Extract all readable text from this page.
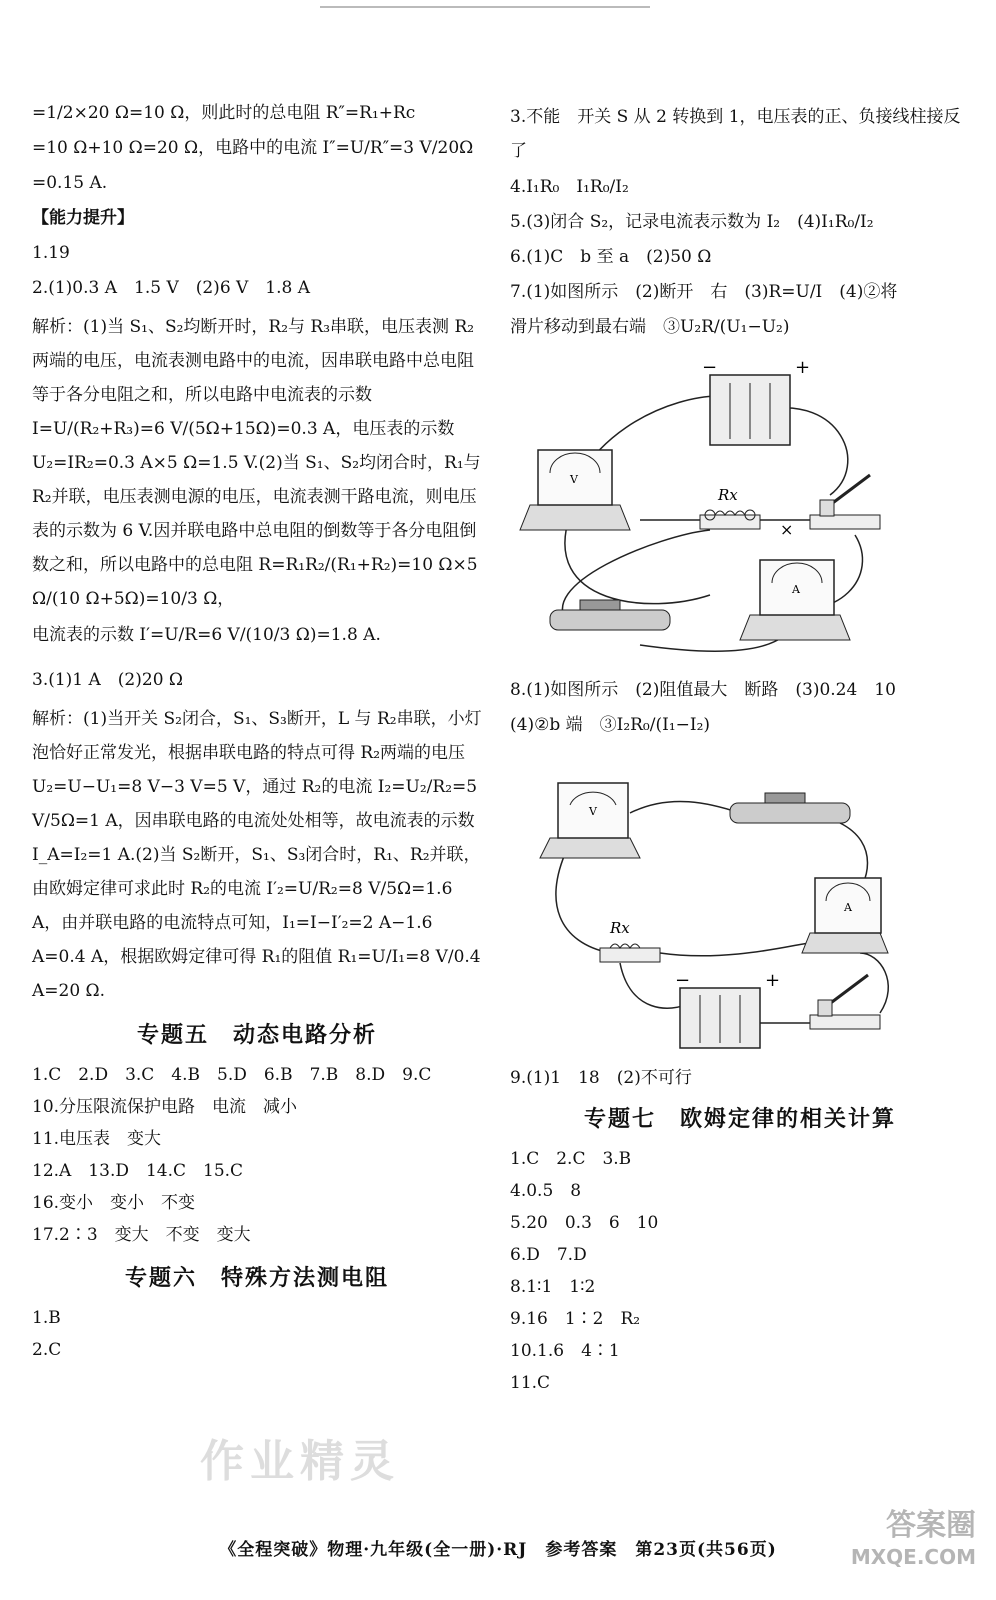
=1/2×20 Ω=10 Ω，则此时的总电阻 R″=R₁+Rc
=10 Ω+10 Ω=20 Ω，电路中的电流 I″=U/R″=3 V/20Ω
=0.15 A.
【能力提升】
1.19
2.(1)0.3 A　1.5 V　(2)6 V　1.8 A
解析：(1)当 S₁、S₂均断开时，R₂与 R₃串联，电压表测 R₂两端的电压，电流表测电路中的电流，因串联电路中总电阻等于各分电阻之和，所以电路中电流表的示数 I=U/(R₂+R₃)=6 V/(5Ω+15Ω)=0.3 A，电压表的示数 U₂=IR₂=0.3 A×5 Ω=1.5 V.(2)当 S₁、S₂均闭合时，R₁与 R₂并联，电压表测电源的电压，电流表测干路电流，则电压表的示数为 6 V.因并联电路中总电阻的倒数等于各分电阻倒数之和，所以电路中的总电阻 R=R₁R₂/(R₁+R₂)=10 Ω×5 Ω/(10 Ω+5Ω)=10/3 Ω，
电流表的示数 I′=U/R=6 V/(10/3 Ω)=1.8 A.
3.(1)1 A　(2)20 Ω
解析：(1)当开关 S₂闭合，S₁、S₃断开，L 与 R₂串联，小灯泡恰好正常发光，根据串联电路的特点可得 R₂两端的电压 U₂=U−U₁=8 V−3 V=5 V，通过 R₂的电流 I₂=U₂/R₂=5 V/5Ω=1 A，因串联电路的电流处处相等，故电流表的示数 I_A=I₂=1 A.(2)当 S₂断开，S₁、S₃闭合时，R₁、R₂并联，由欧姆定律可求此时 R₂的电流 I′₂=U/R₂=8 V/5Ω=1.6 A，由并联电路的电流特点可知，I₁=I−I′₂=2 A−1.6 A=0.4 A，根据欧姆定律可得 R₁的阻值 R₁=U/I₁=8 V/0.4 A=20 Ω.
专题五　动态电路分析
1.C　2.D　3.C　4.B　5.D　6.B　7.B　8.D　9.C
10.分压限流保护电路　电流　减小
11.电压表　变大
12.A　13.D　14.C　15.C
16.变小　变小　不变
17.2∶3　变大　不变　变大
专题六　特殊方法测电阻
1.B
2.C
3.不能　开关 S 从 2 转换到 1，电压表的正、负接线柱接反了
4.I₁R₀　I₁R₀/I₂
5.(3)闭合 S₂，记录电流表示数为 I₂　(4)I₁R₀/I₂
6.(1)C　b 至 a　(2)50 Ω
7.(1)如图所示　(2)断开　右　(3)R=U/I　(4)②将
滑片移动到最右端　③U₂R/(U₁−U₂)
−	+
V
Rx
×
A
8.(1)如图所示　(2)阻值最大　断路　(3)0.24　10
(4)②b 端　③I₂R₀/(I₁−I₂)
V
Rx
A
−	+
9.(1)1　18　(2)不可行
专题七　欧姆定律的相关计算
1.C　2.C　3.B
4.0.5　8
5.20　0.3　6　10
6.D　7.D
8.1∶1　1∶2
9.16　1∶2　R₂
10.1.6　4∶1
11.C
作业精灵
答案圈
MXQE.COM
《全程突破》物理·九年级(全一册)·RJ　参考答案　第23页(共56页)
